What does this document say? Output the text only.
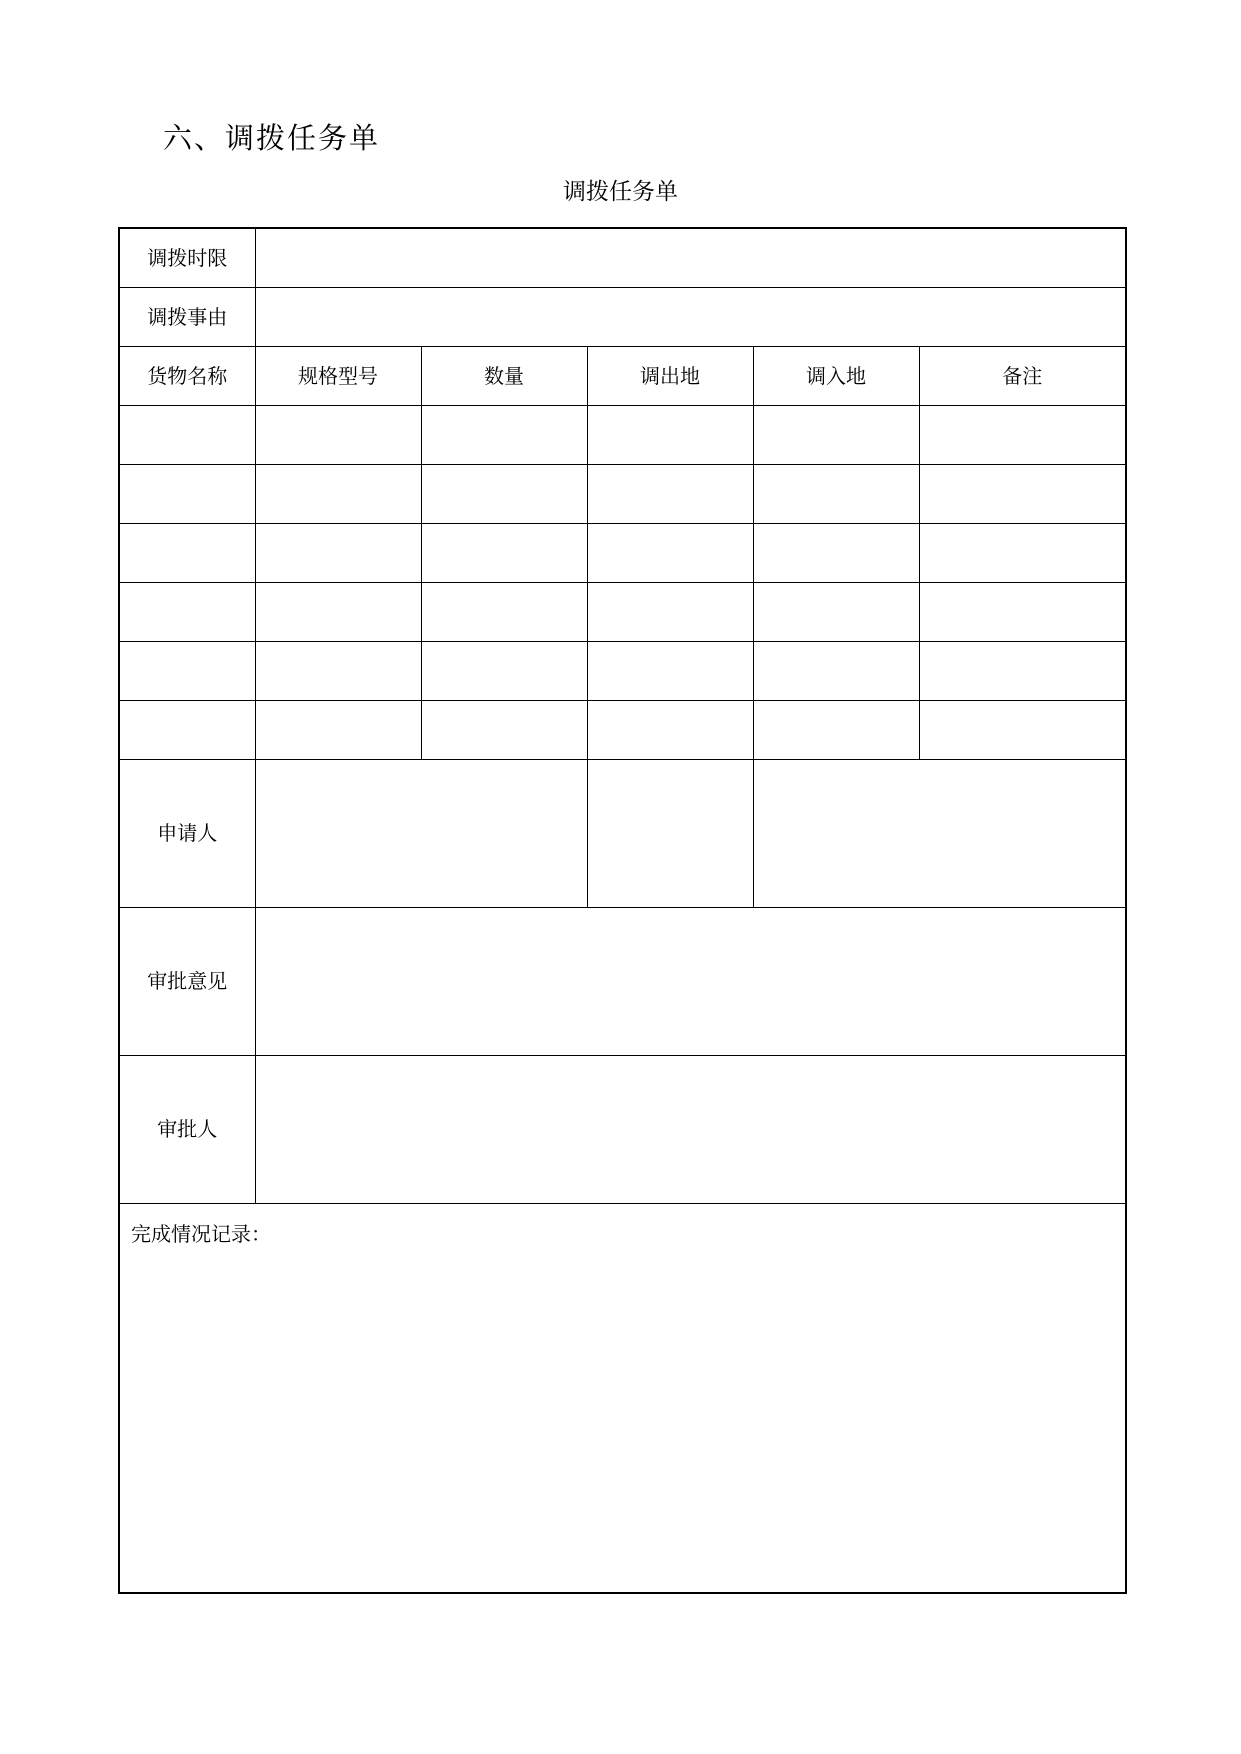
六、调拨任务单
调拨任务单
调拨时限					
调拨事由					
货物名称	规格型号	数量	调出地	调入地	备注

申请人					
审批意见					
审批人					
完成情况记录：					
